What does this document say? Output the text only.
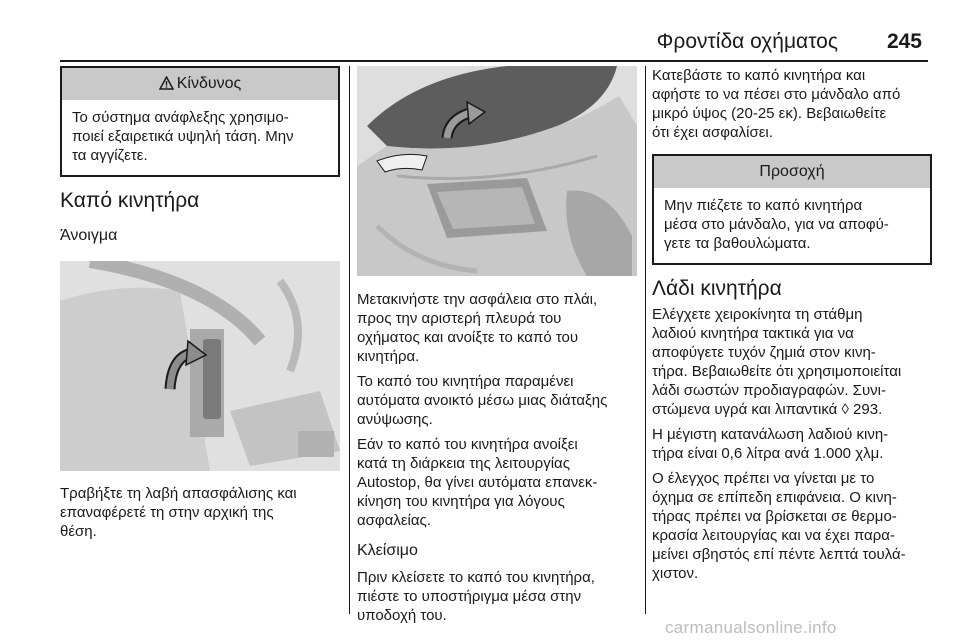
Φροντίδα οχήματος 245
Κίνδυνος
Το σύστημα ανάφλεξης χρησιμο-
ποιεί εξαιρετικά υψηλή τάση. Μην
τα αγγίζετε.
Καπό κινητήρα
Άνοιγμα

Τραβήξτε τη λαβή απασφάλισης και
επαναφέρετέ τη στην αρχική της
θέση.

Μετακινήστε την ασφάλεια στο πλάι,
προς την αριστερή πλευρά του
οχήματος και ανοίξτε το καπό του
κινητήρα.

Το καπό του κινητήρα παραμένει
αυτόματα ανοικτό μέσω μιας διάταξης
ανύψωσης.

Εάν το καπό του κινητήρα ανοίξει
κατά τη διάρκεια της λειτουργίας
Autostop, θα γίνει αυτόματα επανεκ-
κίνηση του κινητήρα για λόγους
ασφαλείας.

Κλείσιμο

Πριν κλείσετε το καπό του κινητήρα,
πιέστε το υποστήριγμα μέσα στην
υποδοχή του.

Κατεβάστε το καπό κινητήρα και
αφήστε το να πέσει στο μάνδαλο από
μικρό ύψος (20-25 εκ). Βεβαιωθείτε
ότι έχει ασφαλίσει.

Προσοχή
Μην πιέζετε το καπό κινητήρα
μέσα στο μάνδαλο, για να αποφύ-
γετε τα βαθουλώματα.
Λάδι κινητήρα

Ελέγχετε χειροκίνητα τη στάθμη
λαδιού κινητήρα τακτικά για να
αποφύγετε τυχόν ζημιά στον κινη-
τήρα. Βεβαιωθείτε ότι χρησιμοποιείται
λάδι σωστών προδιαγραφών. Συνι-
στώμενα υγρά και λιπαντικά ◊ 293.

Η μέγιστη κατανάλωση λαδιού κινη-
τήρα είναι 0,6 λίτρα ανά 1.000 χλμ.

Ο έλεγχος πρέπει να γίνεται με το
όχημα σε επίπεδη επιφάνεια. Ο κινη-
τήρας πρέπει να βρίσκεται σε θερμο-
κρασία λειτουργίας και να έχει παρα-
μείνει σβηστός επί πέντε λεπτά τουλά-
χιστον.

carmanualsonline.info
